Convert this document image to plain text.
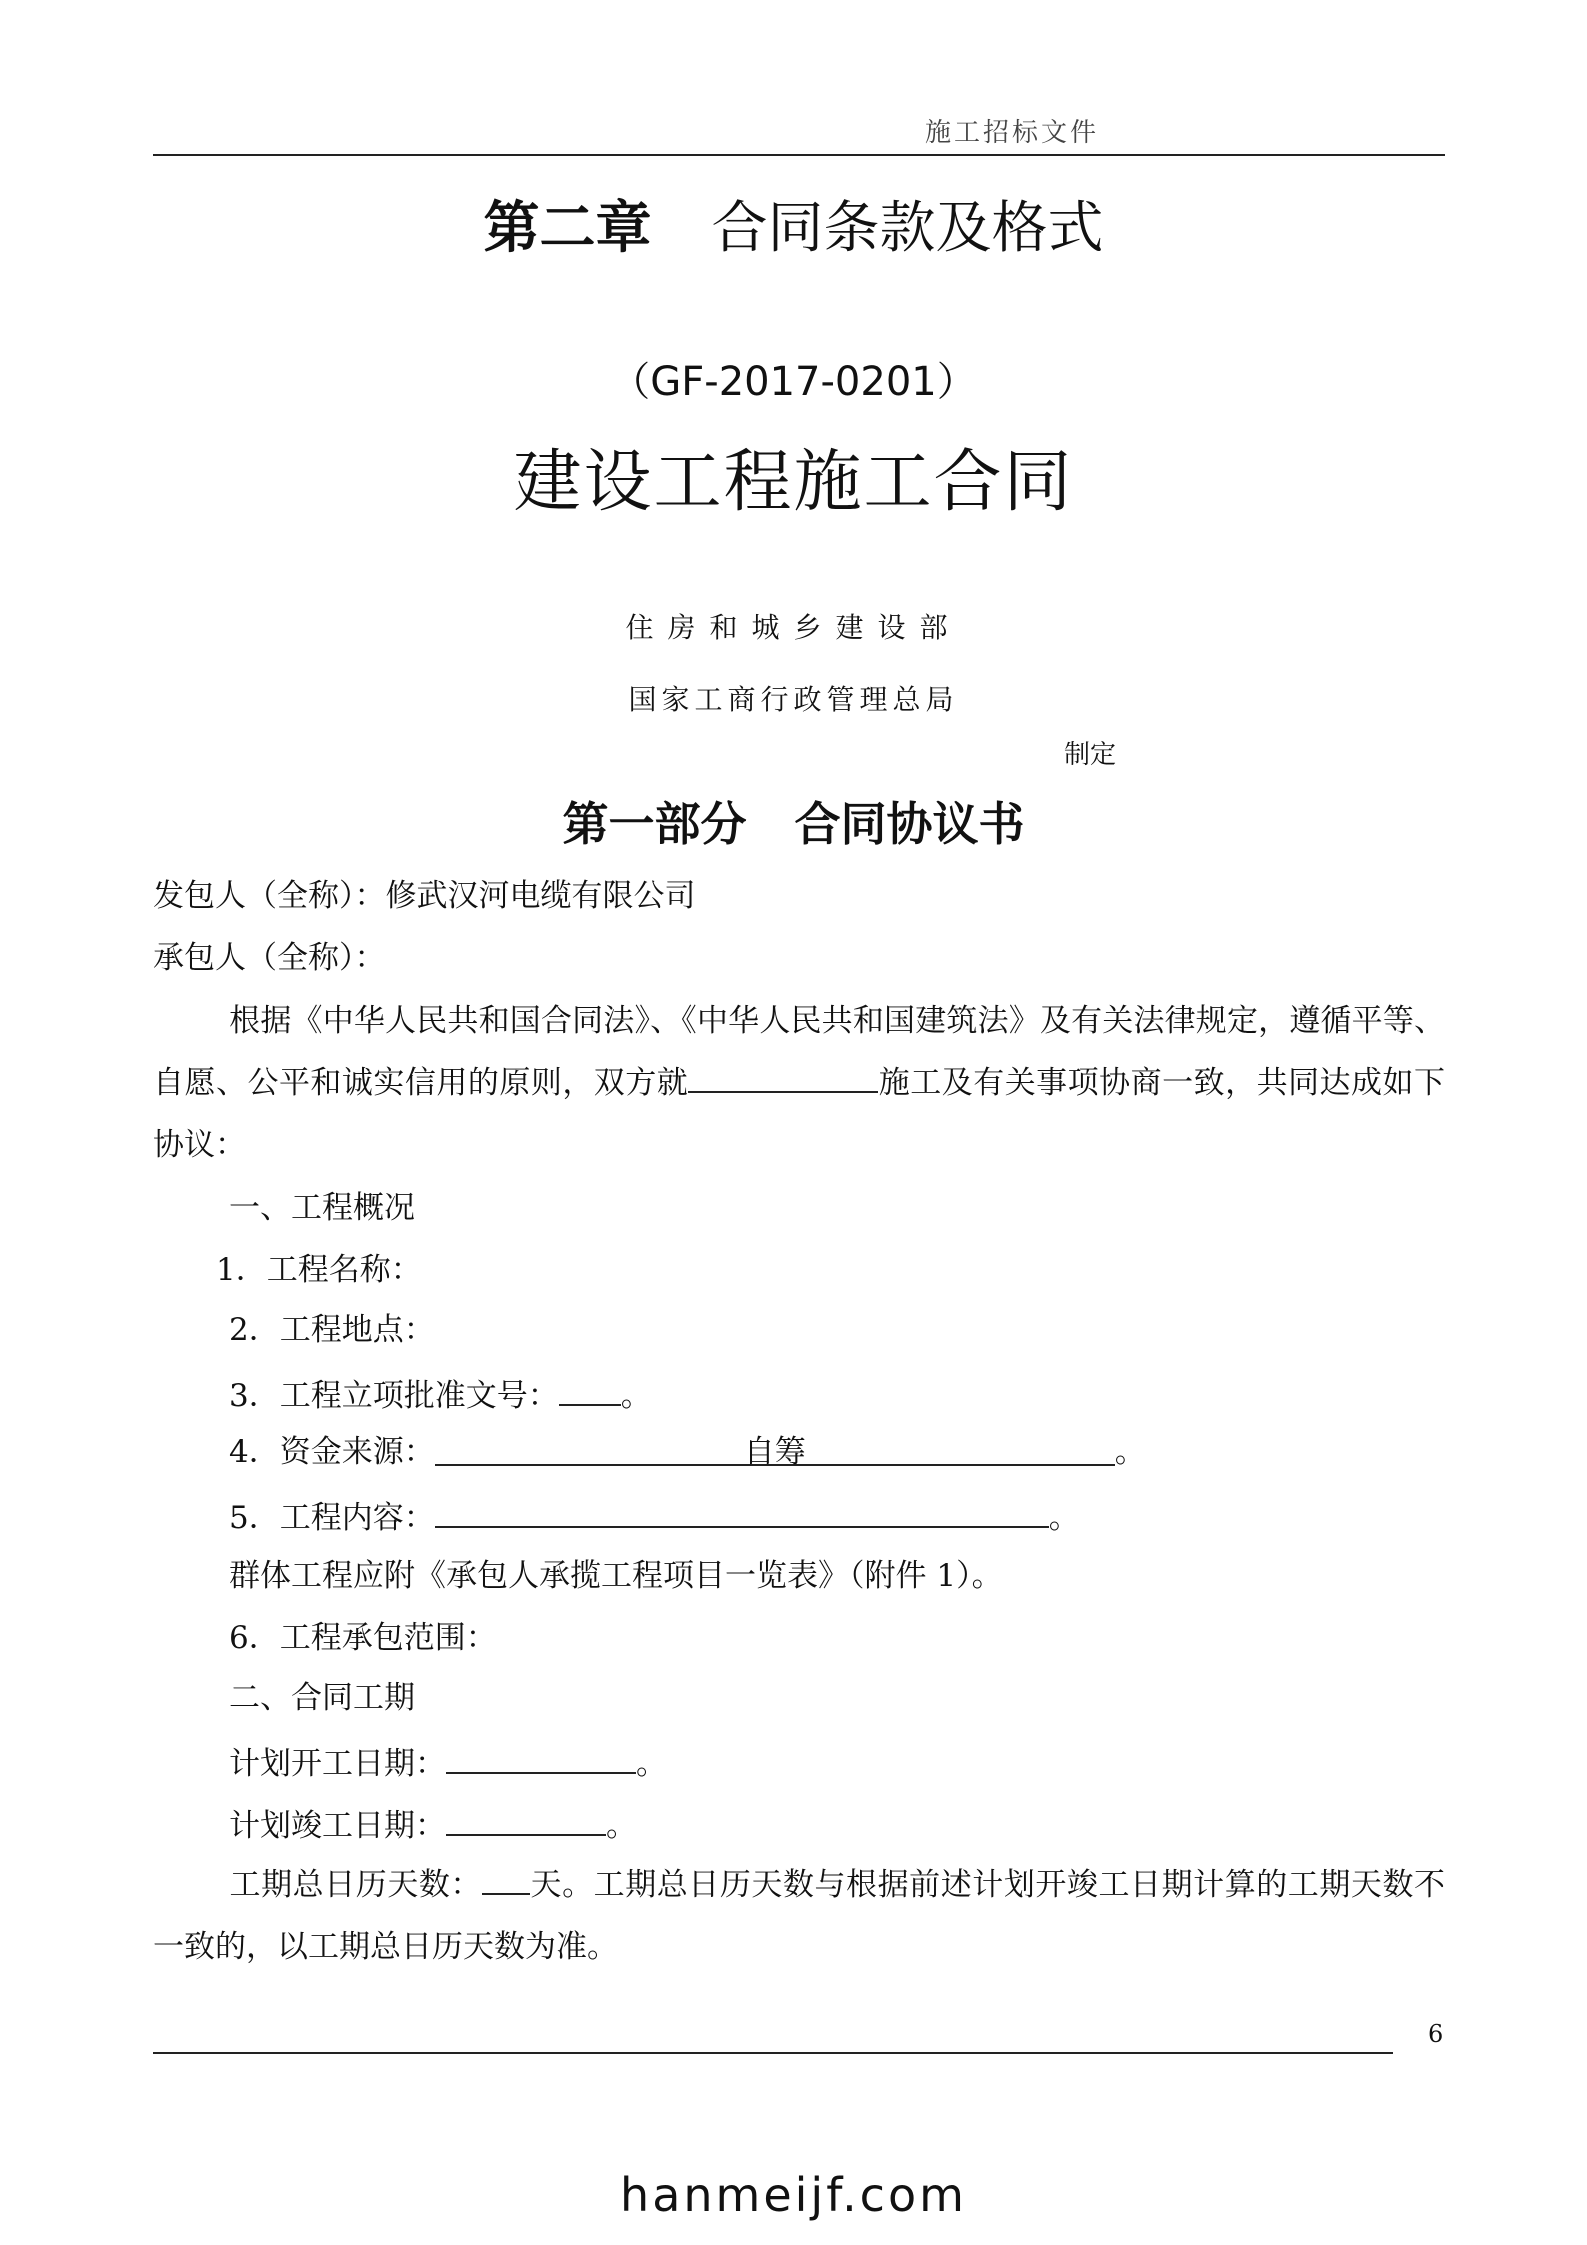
施工招标文件
第二章 合同条款及格式
（GF-2017-0201）
建设工程施工合同
住房和城乡建设部
国家工商行政管理总局
制定
第一部分 合同协议书
发包人（全称）：修武汉河电缆有限公司
承包人（全称）：
根据《中华人民共和国合同法》、《中华人民共和国建筑法》及有关法律规定，遵循平等、自愿、公平和诚实信用的原则，双方就	施工及有关事项协商一致，共同达成如下协议：
一、工程概况
1．工程名称：
2．工程地点：
3．工程立项批准文号： 。
4．资金来源：	自筹	。
5．工程内容：	。
群体工程应附《承包人承揽工程项目一览表》（附件 1）。
6．工程承包范围：
二、合同工期
计划开工日期：	。
计划竣工日期：	。
工期总日历天数： 天。工期总日历天数与根据前述计划开竣工日期计算的工期天数不一致的，以工期总日历天数为准。
6
hanmeijf.com
